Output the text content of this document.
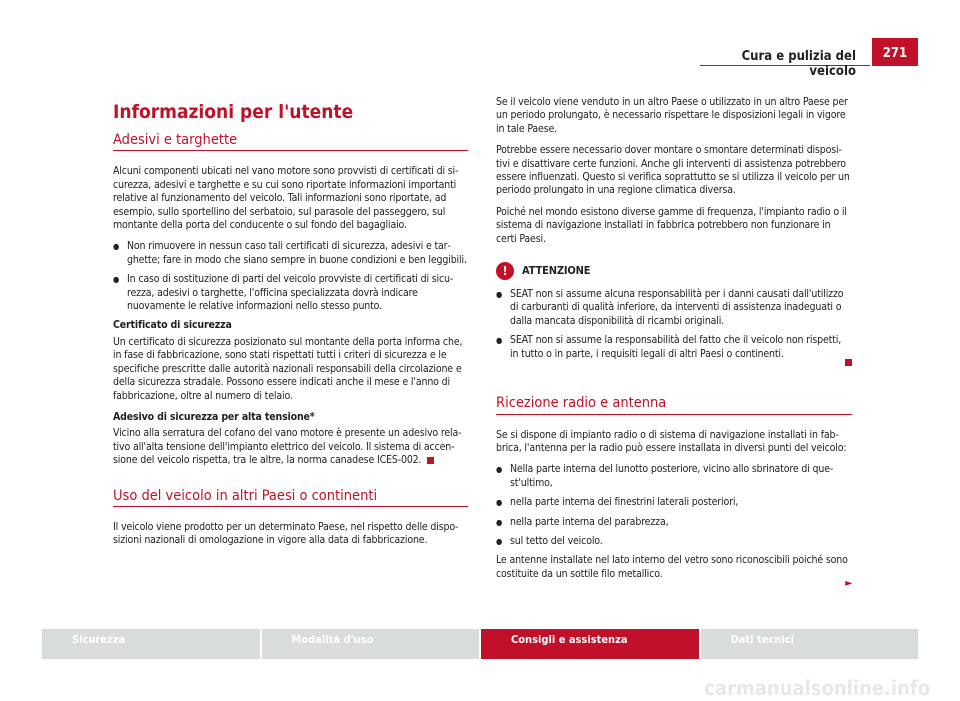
Cura e pulizia del veicolo
271
Informazioni per l'utente
Adesivi e targhette

Alcuni componenti ubicati nel vano motore sono provvisti di certificati di sicurezza, adesivi e targhette e su cui sono riportate informazioni importanti relative al funzionamento del veicolo. Tali informazioni sono riportate, ad esempio, sullo sportellino del serbatoio, sul parasole del passeggero, sul montante della porta del conducente o sul fondo del bagagliaio.

● Non rimuovere in nessun caso tali certificati di sicurezza, adesivi e targhette; fare in modo che siano sempre in buone condizioni e ben leggibili.
● In caso di sostituzione di parti del veicolo provviste di certificati di sicurezza, adesivi o targhette, l'officina specializzata dovrà indicare nuovamente le relative informazioni nello stesso punto.
Certificato di sicurezza

Un certificato di sicurezza posizionato sul montante della porta informa che, in fase di fabbricazione, sono stati rispettati tutti i criteri di sicurezza e le specifiche prescritte dalle autorità nazionali responsabili della circolazione e della sicurezza stradale. Possono essere indicati anche il mese e l'anno di fabbricazione, oltre al numero di telaio.

Adesivo di sicurezza per alta tensione*

Vicino alla serratura del cofano del vano motore è presente un adesivo relativo all'alta tensione dell'impianto elettrico del veicolo. Il sistema di accensione del veicolo rispetta, tra le altre, la norma canadese ICES-002.

Uso del veicolo in altri Paesi o continenti

Il veicolo viene prodotto per un determinato Paese, nel rispetto delle disposizioni nazionali di omologazione in vigore alla data di fabbricazione.

Se il veicolo viene venduto in un altro Paese o utilizzato in un altro Paese per un periodo prolungato, è necessario rispettare le disposizioni legali in vigore in tale Paese.

Potrebbe essere necessario dover montare o smontare determinati dispositivi e disattivare certe funzioni. Anche gli interventi di assistenza potrebbero essere influenzati. Questo si verifica soprattutto se si utilizza il veicolo per un periodo prolungato in una regione climatica diversa.

Poiché nel mondo esistono diverse gamme di frequenza, l'impianto radio o il sistema di navigazione installati in fabbrica potrebbero non funzionare in certi Paesi.

!	ATTENZIONE
● SEAT non si assume alcuna responsabilità per i danni causati dall'utilizzo di carburanti di qualità inferiore, da interventi di assistenza inadeguati o dalla mancata disponibilità di ricambi originali.
● SEAT non si assume la responsabilità del fatto che il veicolo non rispetti, in tutto o in parte, i requisiti legali di altri Paesi o continenti.
Ricezione radio e antenna

Se si dispone di impianto radio o di sistema di navigazione installati in fabbrica, l'antenna per la radio può essere installata in diversi punti del veicolo:

● Nella parte interna del lunotto posteriore, vicino allo sbrinatore di quest'ultimo,
● nella parte interna dei finestrini laterali posteriori,
● nella parte interna del parabrezza,
● sul tetto del veicolo.

Le antenne installate nel lato interno del vetro sono riconoscibili poiché sono costituite da un sottile filo metallico.

►
Sicurezza	Modalità d'uso	Consigli e assistenza	Dati tecnici
carmanualsonline.info
